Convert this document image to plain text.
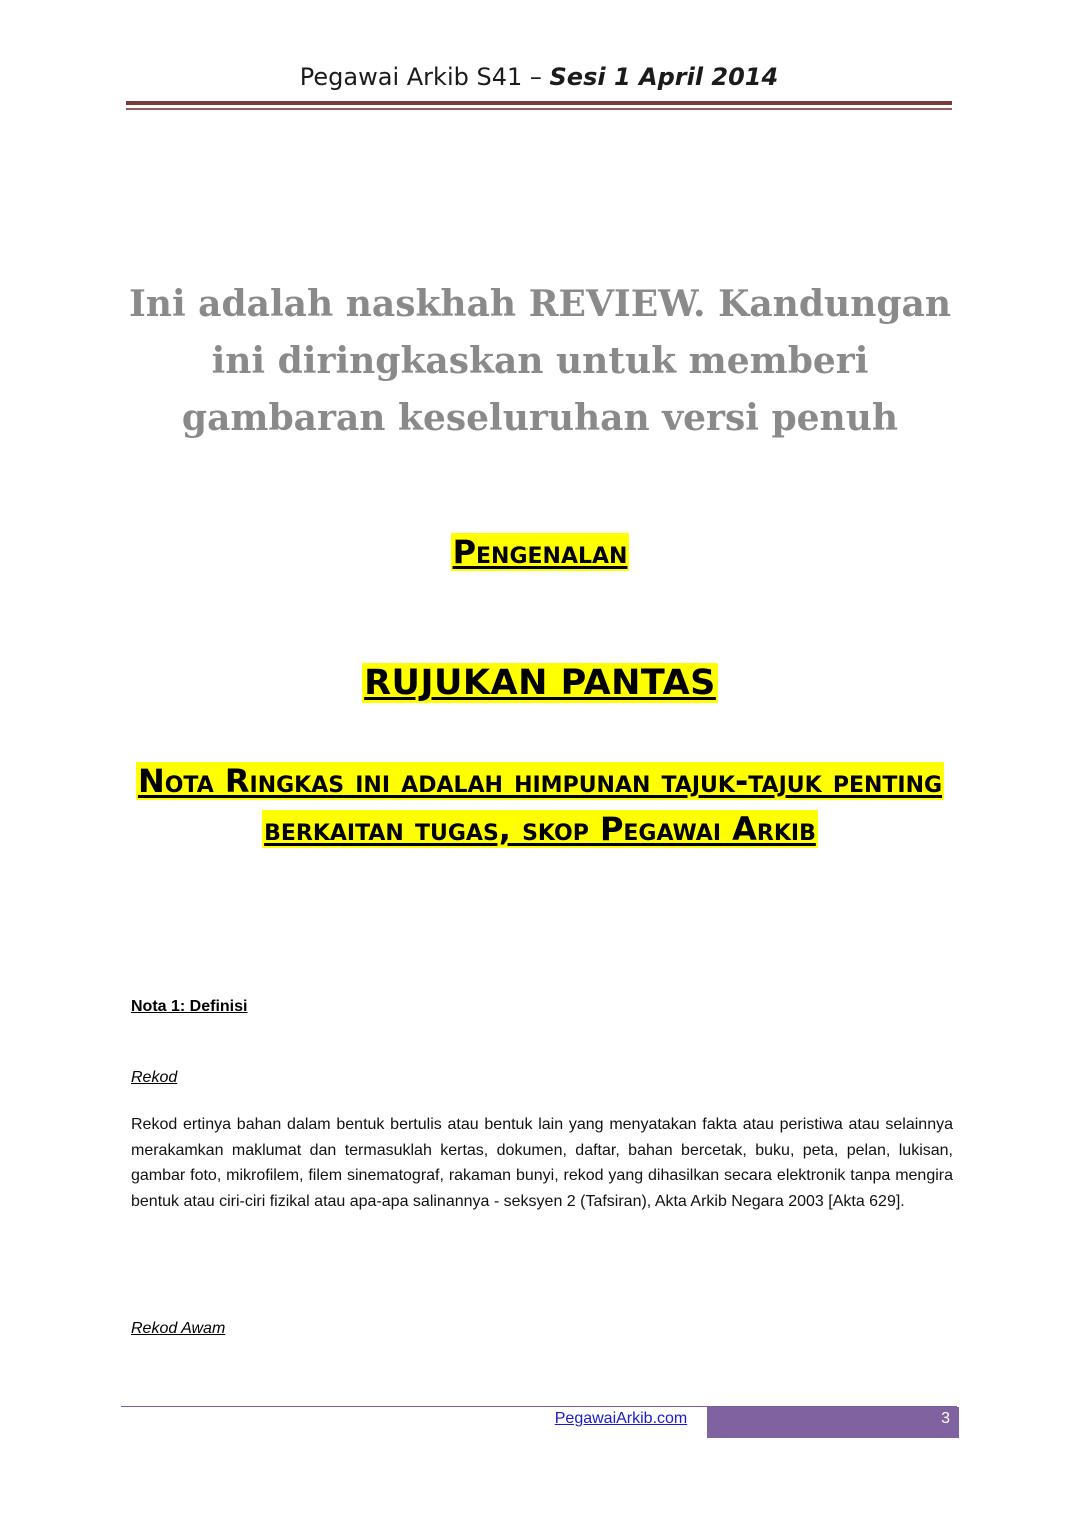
Pegawai Arkib S41 – Sesi 1 April 2014
Ini adalah naskhah REVIEW. Kandungan ini diringkaskan untuk memberi gambaran keseluruhan versi penuh
Pengenalan
RUJUKAN PANTAS
Nota Ringkas ini adalah himpunan tajuk-tajuk penting berkaitan tugas, skop Pegawai Arkib
Nota 1: Definisi
Rekod
Rekod ertinya bahan dalam bentuk bertulis atau bentuk lain yang menyatakan fakta atau peristiwa atau selainnya merakamkan maklumat dan termasuklah kertas, dokumen, daftar, bahan bercetak, buku, peta, pelan, lukisan, gambar foto, mikrofilem, filem sinematograf, rakaman bunyi, rekod yang dihasilkan secara elektronik tanpa mengira bentuk atau ciri-ciri fizikal atau apa-apa salinannya - seksyen 2 (Tafsiran), Akta Arkib Negara 2003 [Akta 629].
Rekod Awam
PegawaiArkib.com	3
